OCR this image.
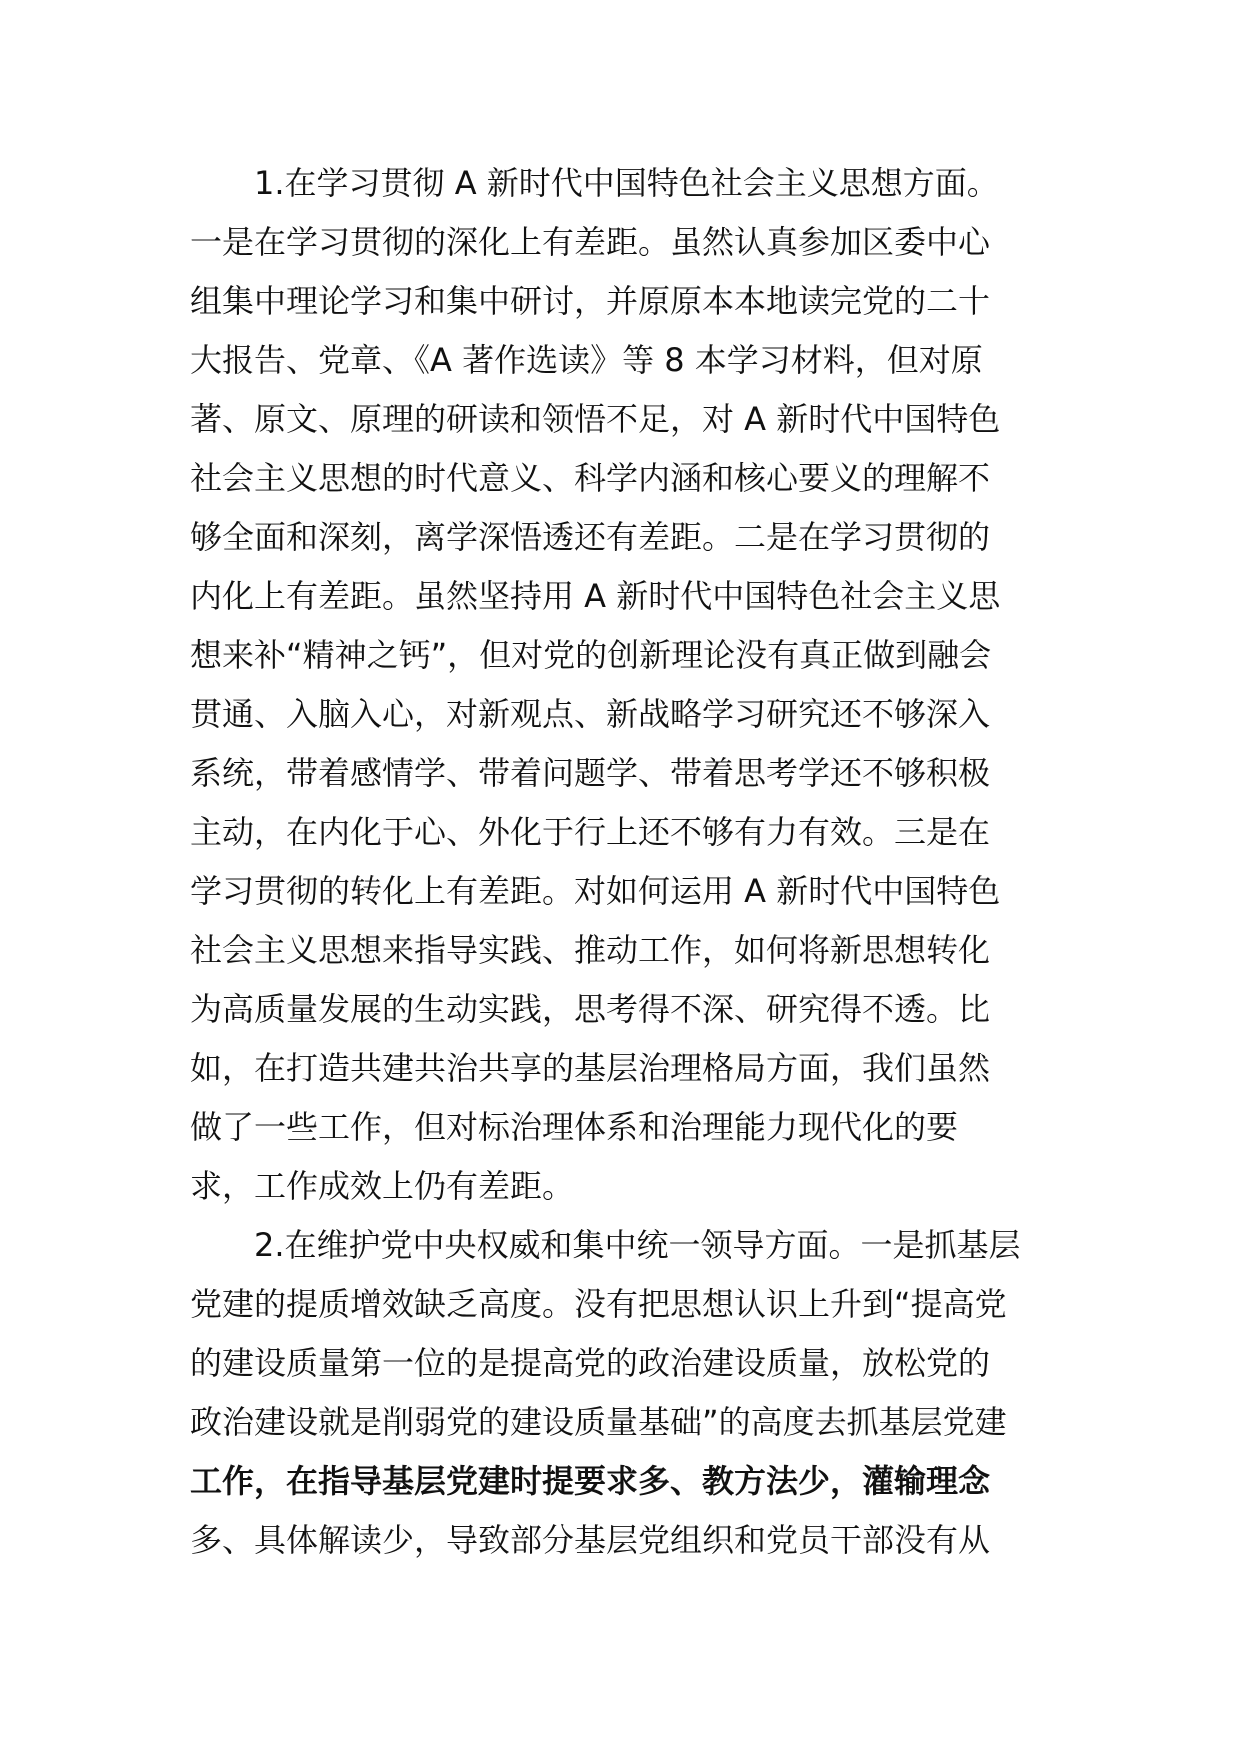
1.在学习贯彻 A 新时代中国特色社会主义思想方面。
一是在学习贯彻的深化上有差距。虽然认真参加区委中心
组集中理论学习和集中研讨，并原原本本地读完党的二十
大报告、党章、《A 著作选读》等 8 本学习材料，但对原
著、原文、原理的研读和领悟不足，对 A 新时代中国特色
社会主义思想的时代意义、科学内涵和核心要义的理解不
够全面和深刻，离学深悟透还有差距。二是在学习贯彻的
内化上有差距。虽然坚持用 A 新时代中国特色社会主义思
想来补“精神之钙”，但对党的创新理论没有真正做到融会
贯通、入脑入心，对新观点、新战略学习研究还不够深入
系统，带着感情学、带着问题学、带着思考学还不够积极
主动，在内化于心、外化于行上还不够有力有效。三是在
学习贯彻的转化上有差距。对如何运用 A 新时代中国特色
社会主义思想来指导实践、推动工作，如何将新思想转化
为高质量发展的生动实践，思考得不深、研究得不透。比
如，在打造共建共治共享的基层治理格局方面，我们虽然
做了一些工作，但对标治理体系和治理能力现代化的要
求，工作成效上仍有差距。
2.在维护党中央权威和集中统一领导方面。一是抓基层
党建的提质增效缺乏高度。没有把思想认识上升到“提高党
的建设质量第一位的是提高党的政治建设质量，放松党的
政治建设就是削弱党的建设质量基础”的高度去抓基层党建
工作，在指导基层党建时提要求多、教方法少，灌输理念
多、具体解读少，导致部分基层党组织和党员干部没有从
